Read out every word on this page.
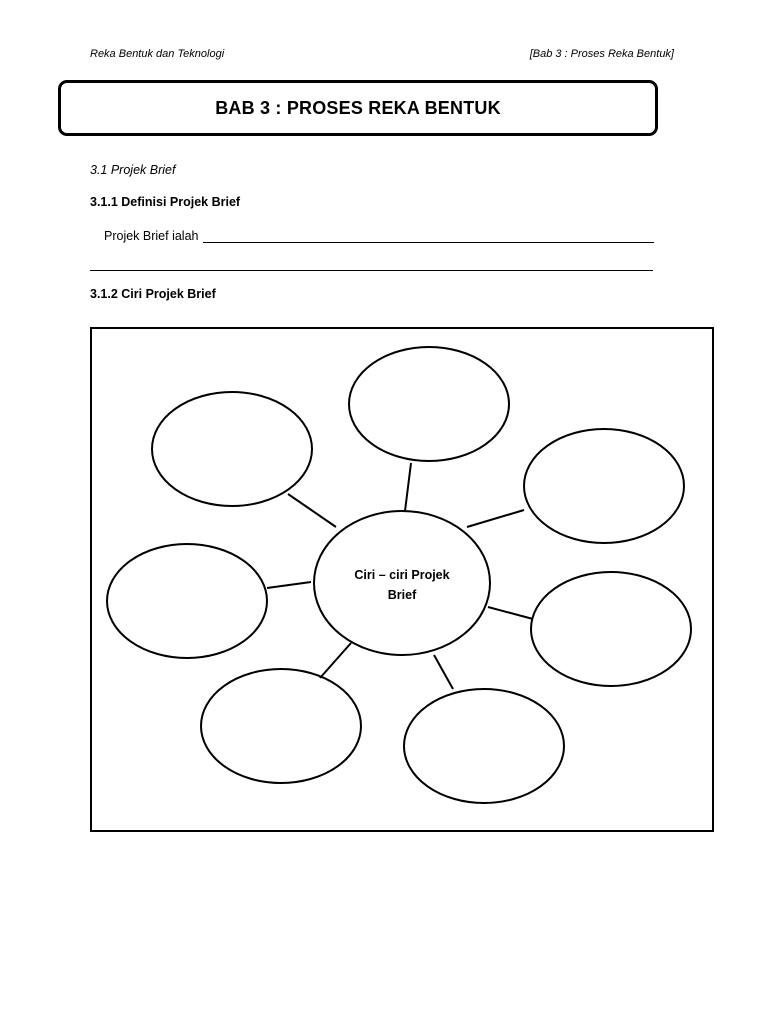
Reka Bentuk dan Teknologi	[Bab 3 : Proses Reka Bentuk]
BAB 3 : PROSES REKA BENTUK
3.1 Projek Brief
3.1.1 Definisi Projek Brief
Projek Brief ialah
3.1.2 Ciri Projek Brief
Ciri – ciri Projek
Brief
